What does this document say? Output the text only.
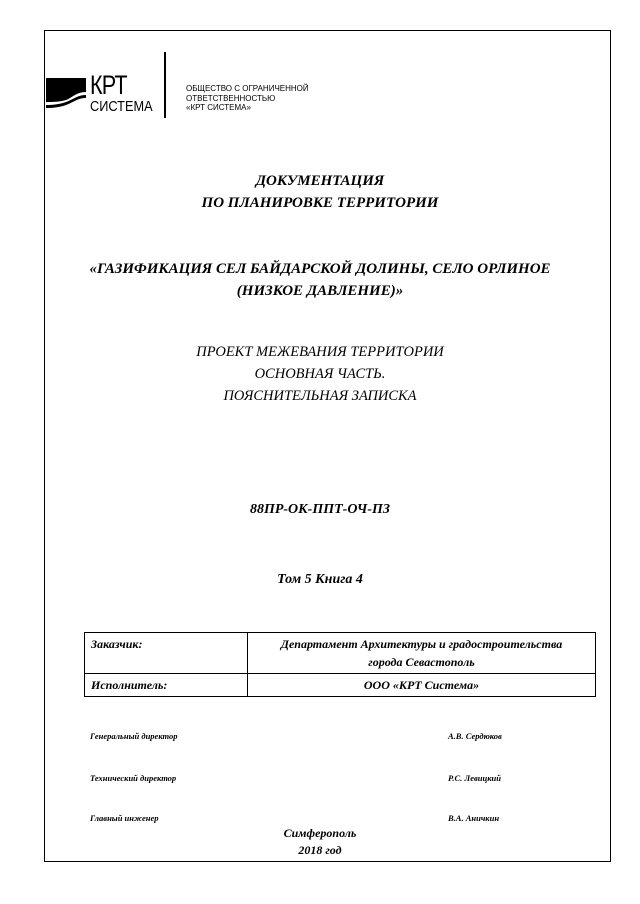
КРТ
СИСТЕМА
ОБЩЕСТВО С ОГРАНИЧЕННОЙ
ОТВЕТСТВЕННОСТЬЮ
«КРТ СИСТЕМА»
ДОКУМЕНТАЦИЯ
ПО ПЛАНИРОВКЕ ТЕРРИТОРИИ
«ГАЗИФИКАЦИЯ СЕЛ БАЙДАРСКОЙ ДОЛИНЫ, СЕЛО ОРЛИНОЕ
(НИЗКОЕ ДАВЛЕНИЕ)»
ПРОЕКТ МЕЖЕВАНИЯ ТЕРРИТОРИИ
ОСНОВНАЯ ЧАСТЬ.
ПОЯСНИТЕЛЬНАЯ ЗАПИСКА
88ПР-ОК-ППТ-ОЧ-ПЗ
Том 5 Книга 4
Заказчик:	Департамент Архитектуры и градостроительства
города Севастополь

Исполнитель:	ООО «КРТ Система»
Генеральный директор	А.В. Сердюков
Технический директор	Р.С. Левицкий
Главный инженер	В.А. Аничкин
Симферополь
2018 год
